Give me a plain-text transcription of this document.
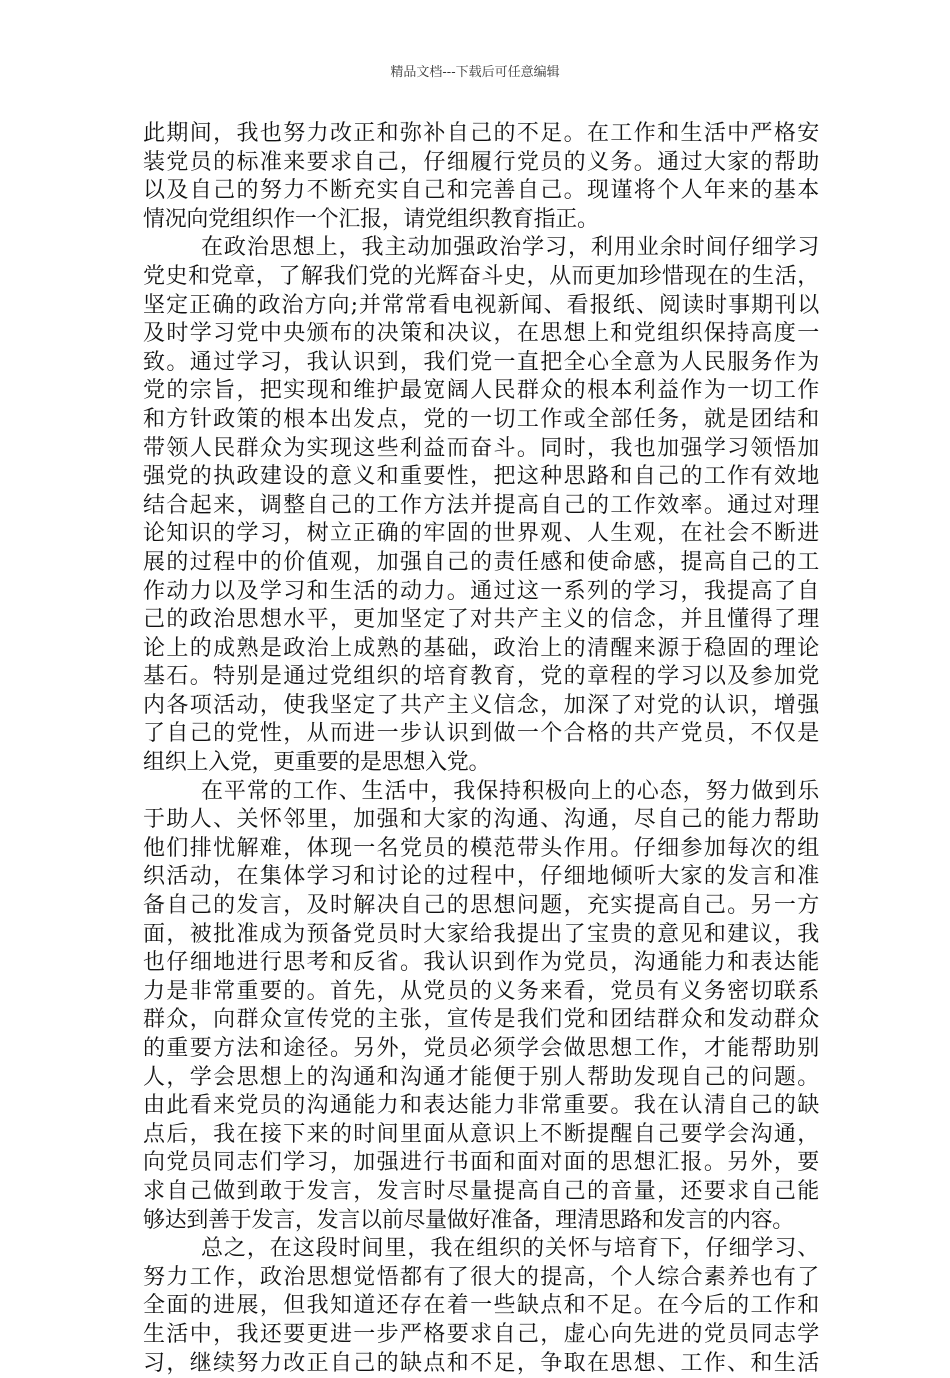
精品文档---下载后可任意编辑
此期间，我也努力改正和弥补自己的不足。在工作和生活中严格安
装党员的标准来要求自己，仔细履行党员的义务。通过大家的帮助
以及自己的努力不断充实自己和完善自己。现谨将个人年来的基本
情况向党组织作一个汇报，请党组织教育指正。
在政治思想上，我主动加强政治学习，利用业余时间仔细学习
党史和党章，了解我们党的光辉奋斗史，从而更加珍惜现在的生活，
坚定正确的政治方向;并常常看电视新闻、看报纸、阅读时事期刊以
及时学习党中央颁布的决策和决议，在思想上和党组织保持高度一
致。通过学习，我认识到，我们党一直把全心全意为人民服务作为
党的宗旨，把实现和维护最宽阔人民群众的根本利益作为一切工作
和方针政策的根本出发点，党的一切工作或全部任务，就是团结和
带领人民群众为实现这些利益而奋斗。同时，我也加强学习领悟加
强党的执政建设的意义和重要性，把这种思路和自己的工作有效地
结合起来，调整自己的工作方法并提高自己的工作效率。通过对理
论知识的学习，树立正确的牢固的世界观、人生观，在社会不断进
展的过程中的价值观，加强自己的责任感和使命感，提高自己的工
作动力以及学习和生活的动力。通过这一系列的学习，我提高了自
己的政治思想水平，更加坚定了对共产主义的信念，并且懂得了理
论上的成熟是政治上成熟的基础，政治上的清醒来源于稳固的理论
基石。特别是通过党组织的培育教育，党的章程的学习以及参加党
内各项活动，使我坚定了共产主义信念，加深了对党的认识，增强
了自己的党性，从而进一步认识到做一个合格的共产党员，不仅是
组织上入党，更重要的是思想入党。
在平常的工作、生活中，我保持积极向上的心态，努力做到乐
于助人、关怀邻里，加强和大家的沟通、沟通，尽自己的能力帮助
他们排忧解难，体现一名党员的模范带头作用。仔细参加每次的组
织活动，在集体学习和讨论的过程中，仔细地倾听大家的发言和准
备自己的发言，及时解决自己的思想问题，充实提高自己。另一方
面，被批准成为预备党员时大家给我提出了宝贵的意见和建议，我
也仔细地进行思考和反省。我认识到作为党员，沟通能力和表达能
力是非常重要的。首先，从党员的义务来看，党员有义务密切联系
群众，向群众宣传党的主张，宣传是我们党和团结群众和发动群众
的重要方法和途径。另外，党员必须学会做思想工作，才能帮助别
人，学会思想上的沟通和沟通才能便于别人帮助发现自己的问题。
由此看来党员的沟通能力和表达能力非常重要。我在认清自己的缺
点后，我在接下来的时间里面从意识上不断提醒自己要学会沟通，
向党员同志们学习，加强进行书面和面对面的思想汇报。另外，要
求自己做到敢于发言，发言时尽量提高自己的音量，还要求自己能
够达到善于发言，发言以前尽量做好准备，理清思路和发言的内容。
总之，在这段时间里，我在组织的关怀与培育下，仔细学习、
努力工作，政治思想觉悟都有了很大的提高，个人综合素养也有了
全面的进展，但我知道还存在着一些缺点和不足。在今后的工作和
生活中，我还要更进一步严格要求自己，虚心向先进的党员同志学
习，继续努力改正自己的缺点和不足，争取在思想、工作、和生活
